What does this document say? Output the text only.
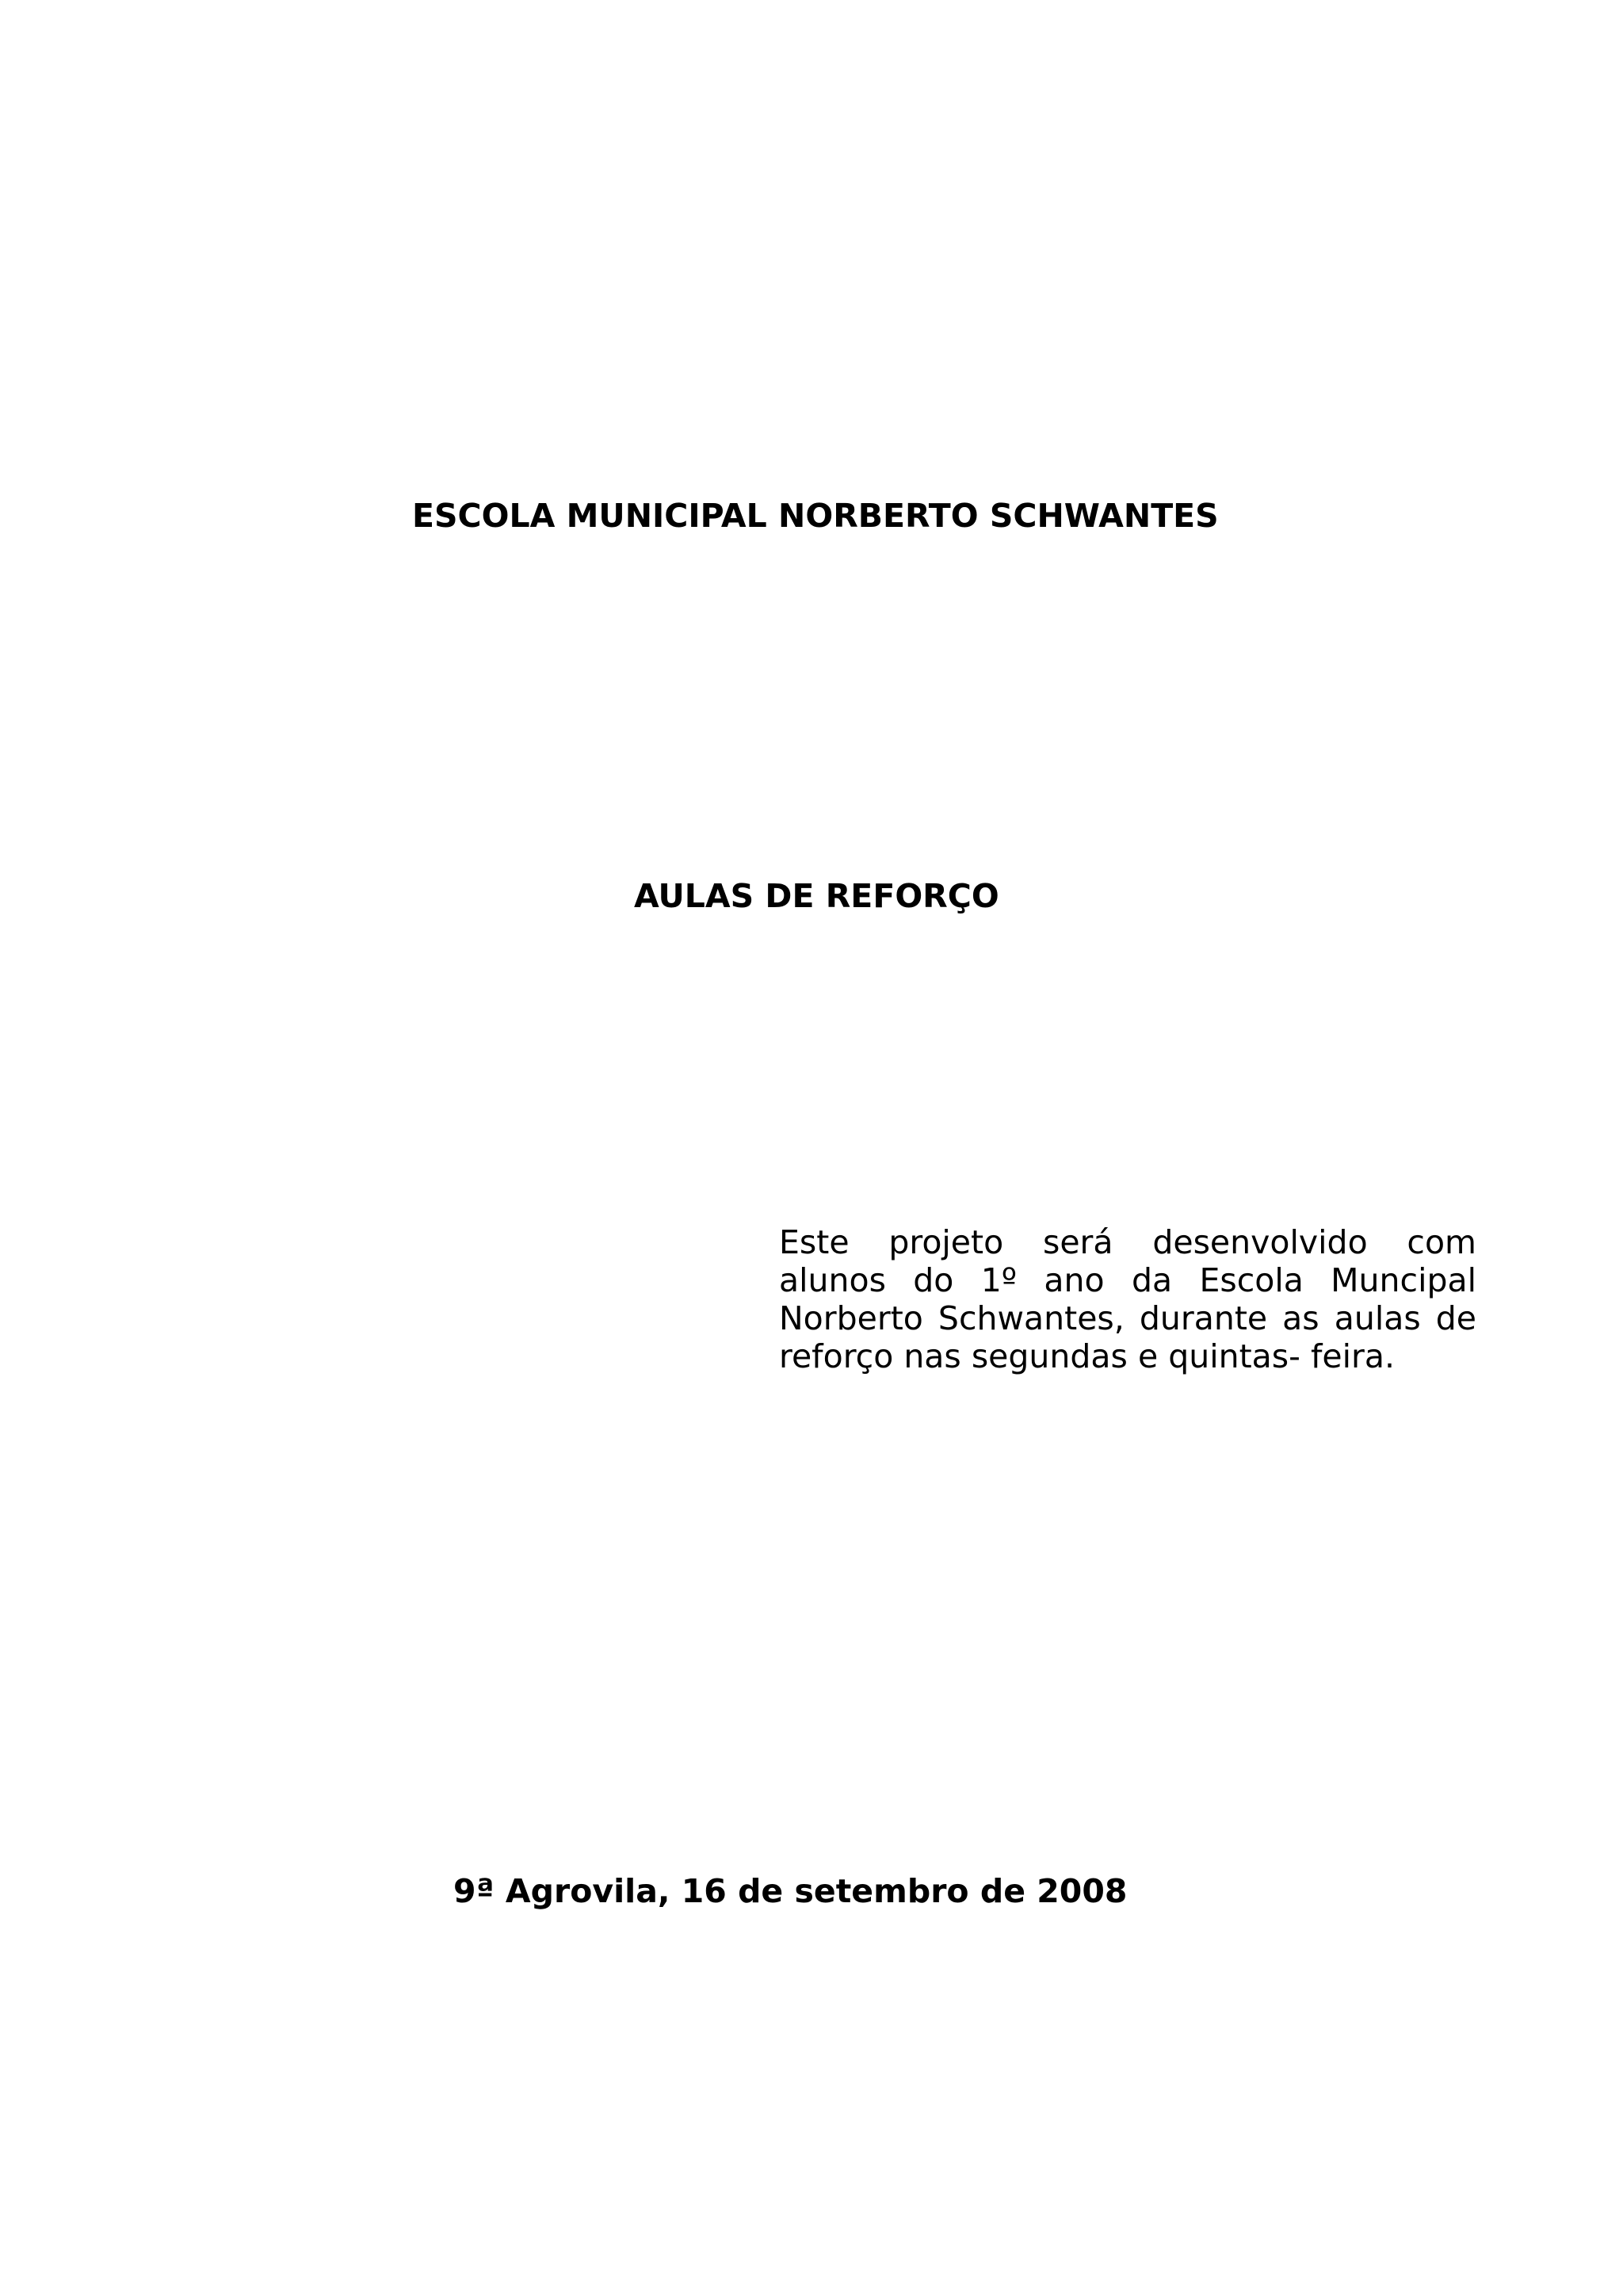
ESCOLA MUNICIPAL NORBERTO SCHWANTES
AULAS DE REFORÇO

Este projeto será desenvolvido com alunos do 1º ano da Escola Muncipal Norberto Schwantes, durante as aulas de reforço nas segundas e quintas- feira.

9ª Agrovila, 16 de setembro de 2008
